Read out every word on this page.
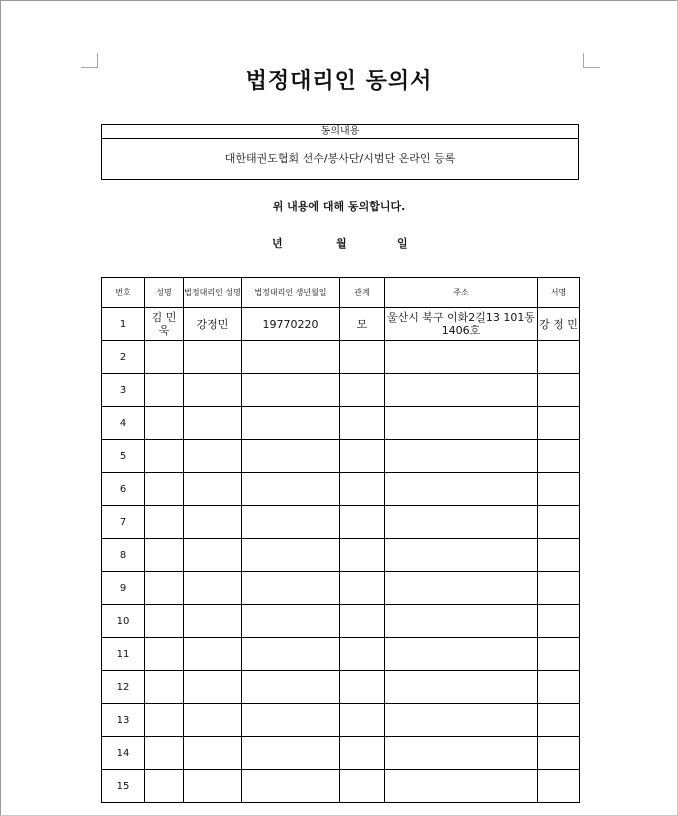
법정대리인 동의서
동의내용
대한태권도협회 선수/봉사단/시범단 온라인 등록
위 내용에 대해 동의합니다.
년	월	일
번호	성명	법정대리인 성명	법정대리인 생년월일	관계	주소	서명
1	김 민 욱	강정민	19770220	모	울산시 북구 이화2길13 101동 1406호	강 정 민
2						
3						
4						
5						
6						
7						
8						
9						
10						
11						
12						
13						
14						
15						
